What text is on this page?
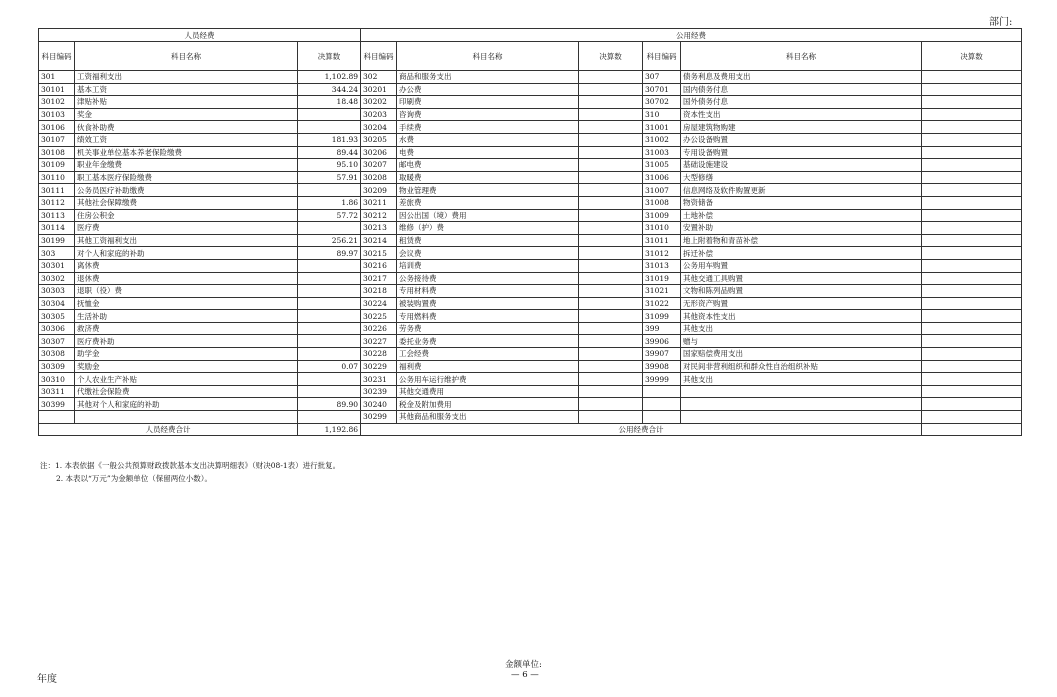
部门:
人员经费			公用经费					
科目编码	科目名称	决算数	科目编码	科目名称	决算数	科目编码	科目名称	决算数
301	工资福利支出	1,102.89	302	商品和服务支出		307	债务利息及费用支出	
30101	基本工资	344.24	30201	办公费		30701	国内债务付息	
30102	津贴补贴	18.48	30202	印刷费		30702	国外债务付息	
30103	奖金		30203	咨询费		310	资本性支出	
30106	伙食补助费		30204	手续费		31001	房屋建筑物购建	
30107	绩效工资	181.93	30205	水费		31002	办公设备购置	
30108	机关事业单位基本养老保险缴费	89.44	30206	电费		31003	专用设备购置	
30109	职业年金缴费	95.10	30207	邮电费		31005	基础设施建设	
30110	职工基本医疗保险缴费	57.91	30208	取暖费		31006	大型修缮	
30111	公务员医疗补助缴费		30209	物业管理费		31007	信息网络及软件购置更新	
30112	其他社会保障缴费	1.86	30211	差旅费		31008	物资储备	
30113	住房公积金	57.72	30212	因公出国（境）费用		31009	土地补偿	
30114	医疗费		30213	维修（护）费		31010	安置补助	
30199	其他工资福利支出	256.21	30214	租赁费		31011	地上附着物和青苗补偿	
303	对个人和家庭的补助	89.97	30215	会议费		31012	拆迁补偿	
30301	离休费		30216	培训费		31013	公务用车购置	
30302	退休费		30217	公务接待费		31019	其他交通工具购置	
30303	退职（役）费		30218	专用材料费		31021	文物和陈列品购置	
30304	抚恤金		30224	被装购置费		31022	无形资产购置	
30305	生活补助		30225	专用燃料费		31099	其他资本性支出	
30306	救济费		30226	劳务费		399	其他支出	
30307	医疗费补助		30227	委托业务费		39906	赠与	
30308	助学金		30228	工会经费		39907	国家赔偿费用支出	
30309	奖励金	0.07	30229	福利费		39908	对民间非营利组织和群众性自治组织补贴	
30310	个人农业生产补贴		30231	公务用车运行维护费		39999	其他支出	
30311	代缴社会保险费		30239	其他交通费用				
30399	其他对个人和家庭的补助	89.90	30240	税金及附加费用				
			30299	其他商品和服务支出				
人员经费合计		1,192.86	公用经费合计					
注：1. 本表依据《一般公共预算财政拨款基本支出决算明细表》（财决08-1表）进行批复。
2. 本表以“万元”为金额单位（保留两位小数）。
金额单位:
年度	— 6 —
